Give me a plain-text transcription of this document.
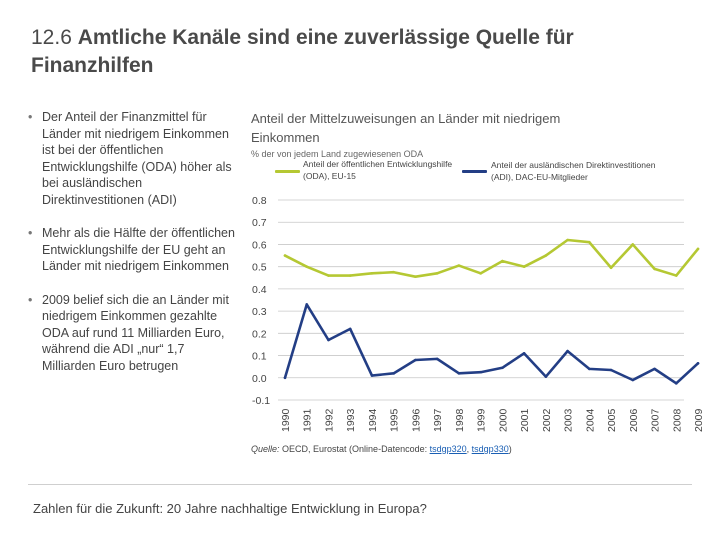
12.6 Amtliche Kanäle sind eine zuverlässige Quelle für Finanzhilfen
• Der Anteil der Finanzmittel für Länder mit niedrigem Einkommen ist bei der öffentlichen Entwicklungshilfe (ODA) höher als bei ausländischen Direktinvestitionen (ADI)
• Mehr als die Hälfte der öffentlichen Entwicklungshilfe der EU geht an Länder mit niedrigem Einkommen
• 2009 belief sich die an Länder mit niedrigem Einkommen gezahlte ODA auf rund 11 Milliarden Euro, während die ADI „nur“ 1,7 Milliarden Euro betrugen
Anteil der Mittelzuweisungen an Länder mit niedrigem Einkommen
% der von jedem Land zugewiesenen ODA
Anteil der öffentlichen Entwicklungshilfe (ODA), EU-15
Anteil der ausländischen Direktinvestitionen (ADI), DAC-EU-Mitglieder
0.8
0.7
0.6
0.5
0.4
0.3
0.2
0.1
0.0
-0.1
1990 1991 1992 1993 1994 1995 1996 1997 1998 1999 2000 2001 2002 2003 2004 2005 2006 2007 2008 2009
Quelle: OECD, Eurostat (Online-Datencode: tsdgp320, tsdgp330)
Zahlen für die Zukunft: 20 Jahre nachhaltige Entwicklung in Europa?
